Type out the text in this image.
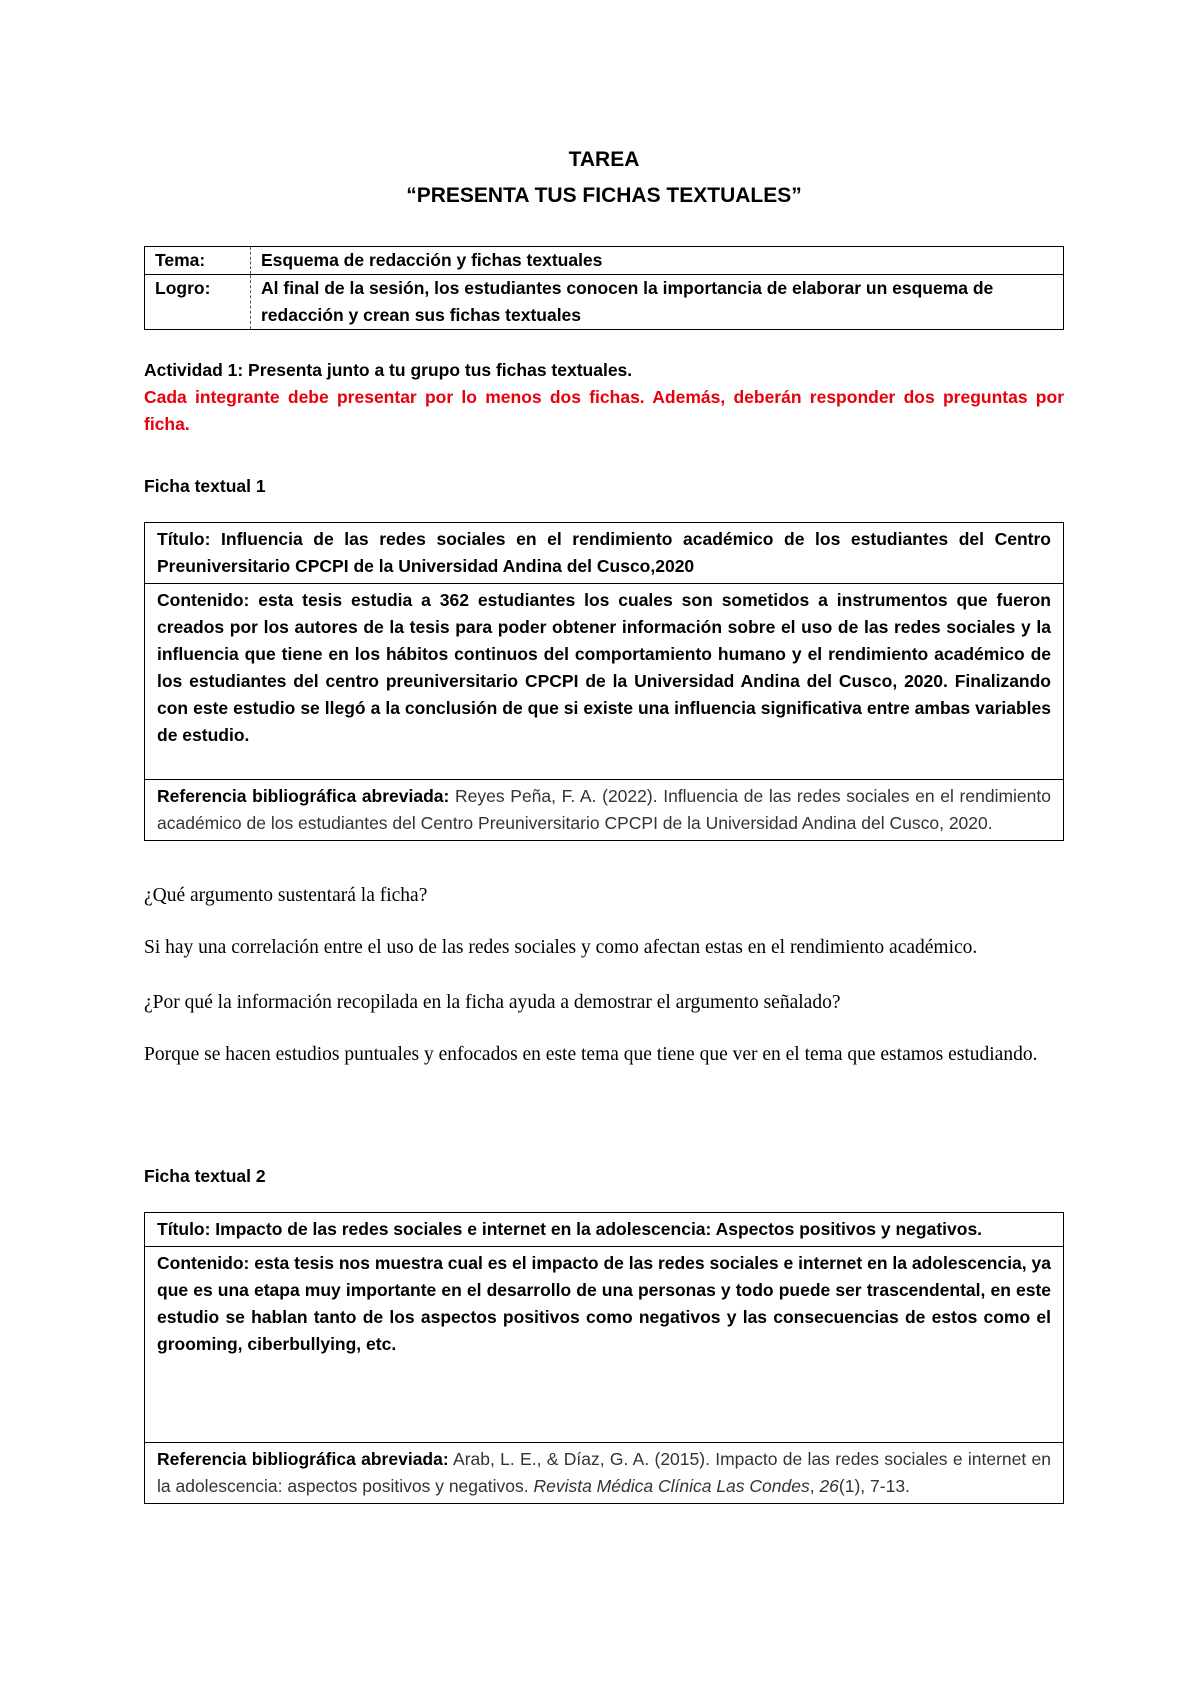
TAREA
“PRESENTA TUS FICHAS TEXTUALES”
Tema:	Esquema de redacción y fichas textuales
Logro:	Al final de la sesión, los estudiantes conocen la importancia de elaborar un esquema de redacción y crean sus fichas textuales
Actividad 1: Presenta junto a tu grupo tus fichas textuales.
Cada integrante debe presentar por lo menos dos fichas. Además, deberán responder dos preguntas por ficha.
Ficha textual 1
Título: Influencia de las redes sociales en el rendimiento académico de los estudiantes del Centro Preuniversitario CPCPI de la Universidad Andina del Cusco,2020
Contenido: esta tesis estudia a 362 estudiantes los cuales son sometidos a instrumentos que fueron creados por los autores de la tesis para poder obtener información sobre el uso de las redes sociales y la influencia que tiene en los hábitos continuos del comportamiento humano y el rendimiento académico de los estudiantes del centro preuniversitario CPCPI de la Universidad Andina del Cusco, 2020. Finalizando con este estudio se llegó a la conclusión de que si existe una influencia significativa entre ambas variables de estudio.
Referencia bibliográfica abreviada: Reyes Peña, F. A. (2022). Influencia de las redes sociales en el rendimiento académico de los estudiantes del Centro Preuniversitario CPCPI de la Universidad Andina del Cusco, 2020.

¿Qué argumento sustentará la ficha?

Si hay una correlación entre el uso de las redes sociales y como afectan estas en el rendimiento académico.

¿Por qué la información recopilada en la ficha ayuda a demostrar el argumento señalado?

Porque se hacen estudios puntuales y enfocados en este tema que tiene que ver en el tema que estamos estudiando.

Ficha textual 2
Título: Impacto de las redes sociales e internet en la adolescencia: Aspectos positivos y negativos.
Contenido: esta tesis nos muestra cual es el impacto de las redes sociales e internet en la adolescencia, ya que es una etapa muy importante en el desarrollo de una personas y todo puede ser trascendental, en este estudio se hablan tanto de los aspectos positivos como negativos y las consecuencias de estos como el grooming, ciberbullying, etc.
Referencia bibliográfica abreviada: Arab, L. E., & Díaz, G. A. (2015). Impacto de las redes sociales e internet en la adolescencia: aspectos positivos y negativos. Revista Médica Clínica Las Condes, 26(1), 7-13.
